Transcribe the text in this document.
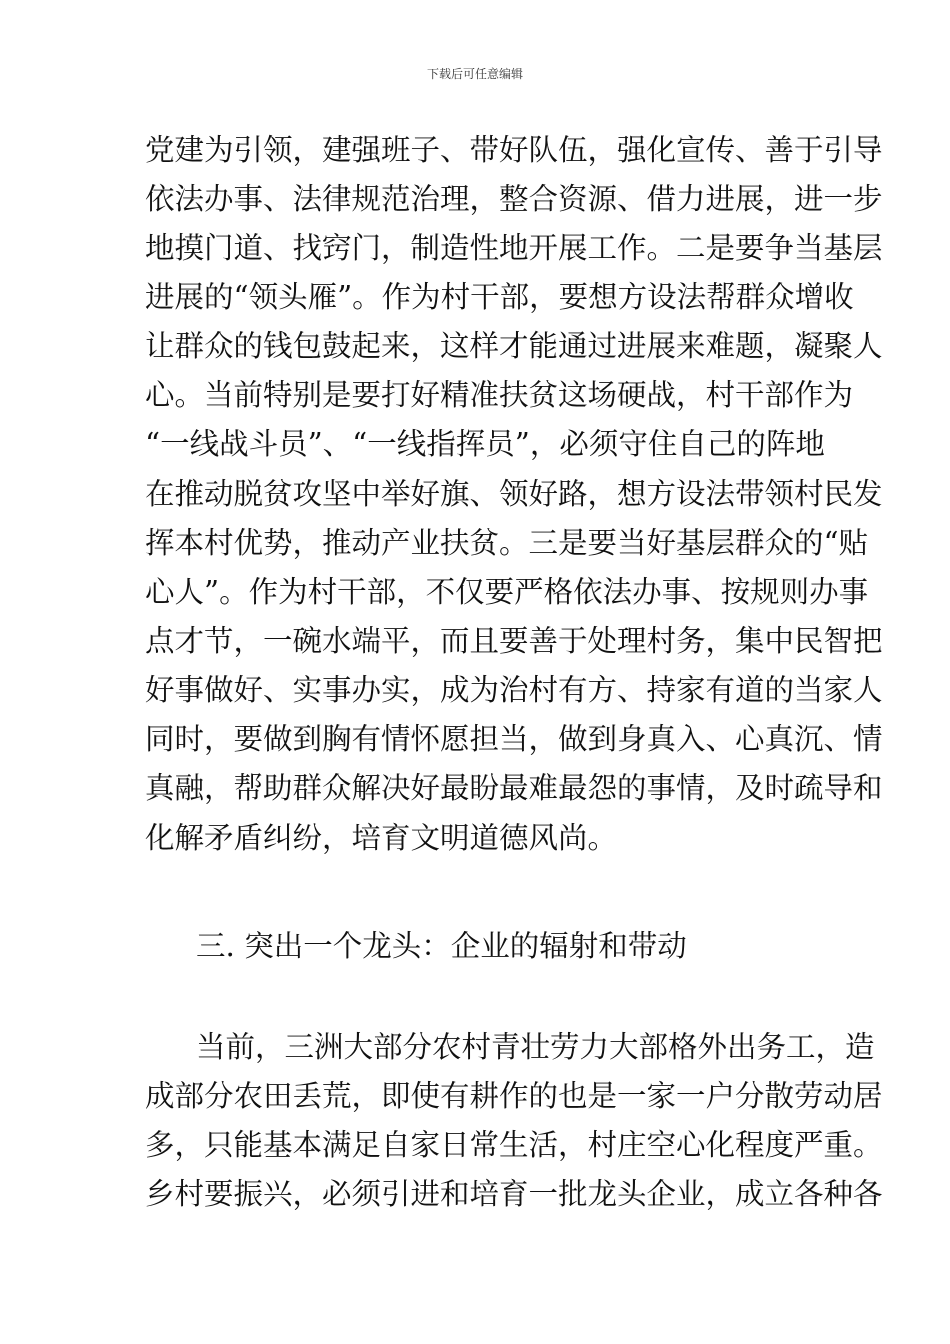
下载后可任意编辑
党建为引领，建强班子、带好队伍，强化宣传、善于引导
依法办事、法律规范治理，整合资源、借力进展，进一步
地摸门道、找窍门，制造性地开展工作。二是要争当基层
进展的“领头雁”。作为村干部，要想方设法帮群众增收
让群众的钱包鼓起来，这样才能通过进展来难题，凝聚人
心。当前特别是要打好精准扶贫这场硬战，村干部作为
“一线战斗员”、“一线指挥员”，必须守住自己的阵地
在推动脱贫攻坚中举好旗、领好路，想方设法带领村民发
挥本村优势，推动产业扶贫。三是要当好基层群众的“贴
心人”。作为村干部，不仅要严格依法办事、按规则办事
点才节，一碗水端平，而且要善于处理村务，集中民智把
好事做好、实事办实，成为治村有方、持家有道的当家人
同时，要做到胸有情怀愿担当，做到身真入、心真沉、情
真融，帮助群众解决好最盼最难最怨的事情，及时疏导和
化解矛盾纠纷，培育文明道德风尚。
三. 突出一个龙头：企业的辐射和带动
当前，三洲大部分农村青壮劳力大部格外出务工，造
成部分农田丢荒，即使有耕作的也是一家一户分散劳动居
多，只能基本满足自家日常生活，村庄空心化程度严重。
乡村要振兴，必须引进和培育一批龙头企业，成立各种各
